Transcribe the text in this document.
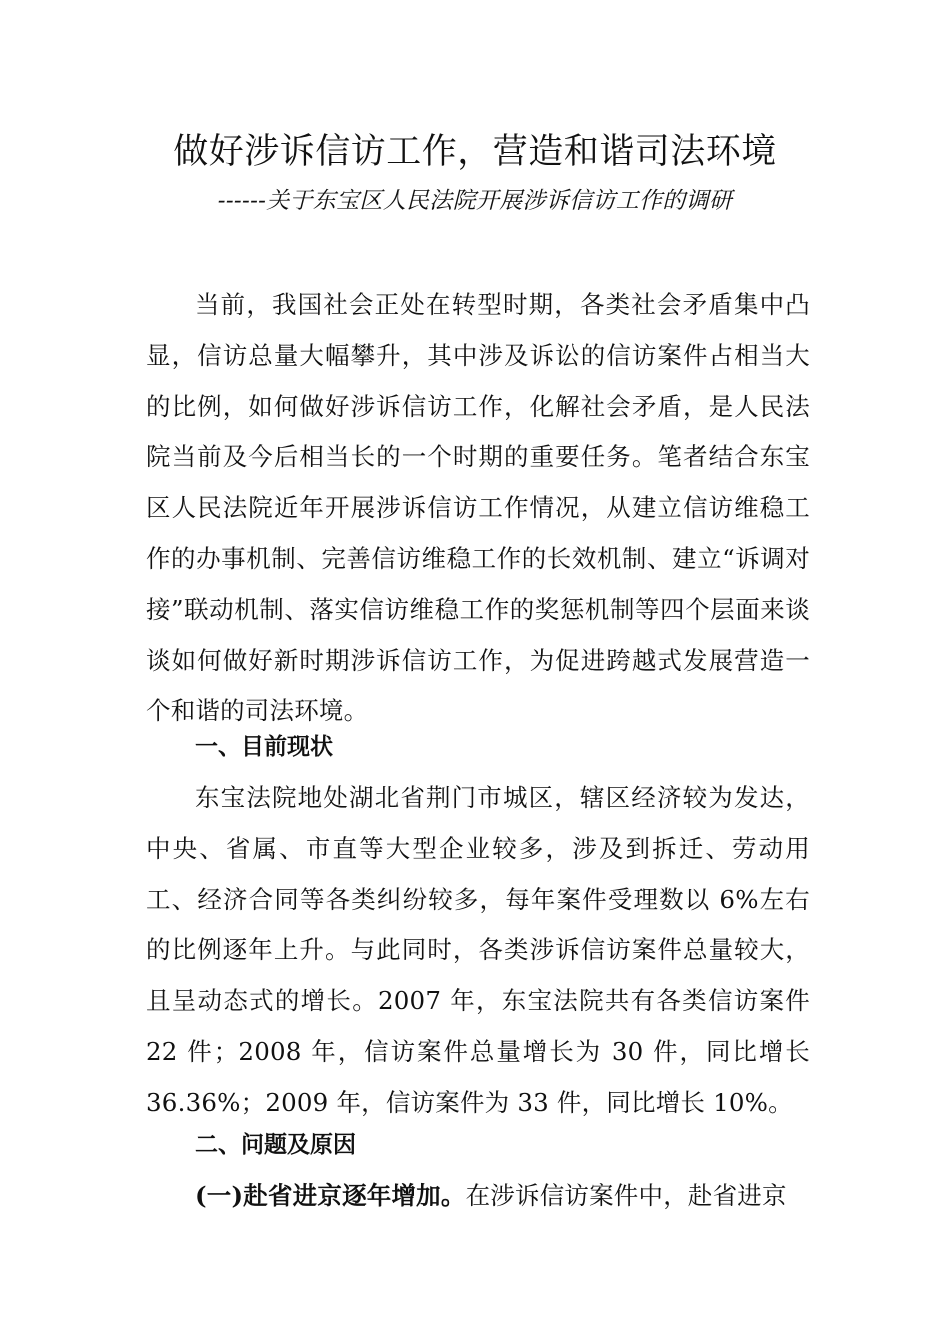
做好涉诉信访工作，营造和谐司法环境
------关于东宝区人民法院开展涉诉信访工作的调研

当前，我国社会正处在转型时期，各类社会矛盾集中凸显，信访总量大幅攀升，其中涉及诉讼的信访案件占相当大的比例，如何做好涉诉信访工作，化解社会矛盾，是人民法院当前及今后相当长的一个时期的重要任务。笔者结合东宝区人民法院近年开展涉诉信访工作情况，从建立信访维稳工作的办事机制、完善信访维稳工作的长效机制、建立“诉调对接”联动机制、落实信访维稳工作的奖惩机制等四个层面来谈谈如何做好新时期涉诉信访工作，为促进跨越式发展营造一个和谐的司法环境。

一、目前现状

东宝法院地处湖北省荆门市城区，辖区经济较为发达，中央、省属、市直等大型企业较多，涉及到拆迁、劳动用工、经济合同等各类纠纷较多，每年案件受理数以 6%左右的比例逐年上升。与此同时，各类涉诉信访案件总量较大，且呈动态式的增长。2007 年，东宝法院共有各类信访案件 22 件；2008 年，信访案件总量增长为 30 件，同比增长 36.36%；2009 年，信访案件为 33 件，同比增长 10%。

二、问题及原因

(一)赴省进京逐年增加。在涉诉信访案件中，赴省进京
